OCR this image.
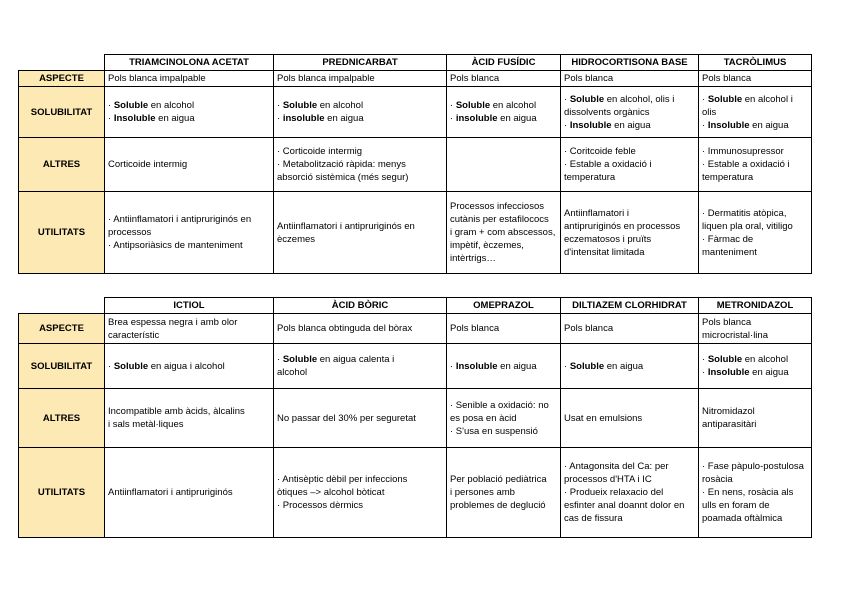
	TRIAMCINOLONA ACETAT	PREDNICARBAT	ÀCID FUSÍDIC	HIDROCORTISONA BASE	TACRÒLIMUS
ASPECTE	Pols blanca impalpable	Pols blanca impalpable	Pols blanca	Pols blanca	Pols blanca

SOLUBILITAT	· Soluble en alcohol
· Insoluble en aigua	· Soluble en alcohol
· insoluble en aigua	· Soluble en alcohol
· insoluble en aigua	· Soluble en alcohol, olis i
dissolvents orgànics
· Insoluble en aigua	· Soluble en alcohol i
olis
· Insoluble en aigua

ALTRES	Corticoide intermig	· Corticoide intermig
· Metabolització ràpida: menys
absorció sistèmica (més segur)		· Coritcoide feble
· Estable a oxidació i
temperatura	· Immunosupressor
· Estable a oxidació i
temperatura

UTILITATS	· Antiinflamatori i antipruriginós en
processos
· Antipsoriàsics de manteniment	Antiinflamatori i antipruriginós en
èczemes	Processos infecciosos
cutànis per estafilococs
i gram + com abscessos,
impètif, èczemes,
intèrtrigs…	Antiinflamatori i
antipruriginós en processos
eczematosos i pruïts
d'intensitat limitada	· Dermatitis atòpica,
liquen pla oral, vitiligo
· Fàrmac de
manteniment
	ICTIOL	ÀCID BÒRIC	OMEPRAZOL	DILTIAZEM CLORHIDRAT	METRONIDAZOL
ASPECTE	Brea espessa negra i amb olor
característic	Pols blanca obtinguda del bòrax	Pols blanca	Pols blanca	Pols blanca
microcristal·lina

SOLUBILITAT	· Soluble en aigua i alcohol	· Soluble en aigua calenta i
alcohol	· Insoluble en aigua	· Soluble en aigua	· Soluble en alcohol
· Insoluble en aigua

ALTRES	Incompatible amb àcids, àlcalins
i sals metàl·liques	No passar del 30% per seguretat	· Senible a oxidació: no
es posa en àcid
· S'usa en suspensió	Usat en emulsions	Nitromidazol
antiparasitàri

UTILITATS	Antiinflamatori i antipruriginós	· Antisèptic dèbil per infeccions
òtiques –> alcohol bòticat
· Processos dèrmics	Per població pediàtrica
i persones amb
problemes de deglució	· Antagonsita del Ca: per
processos d'HTA i IC
· Produeix relaxacio del
esfinter anal doannt dolor en
cas de fissura	· Fase pàpulo-postulosa
rosàcia
· En nens, rosàcia als
ulls en foram de
poamada oftàlmica
